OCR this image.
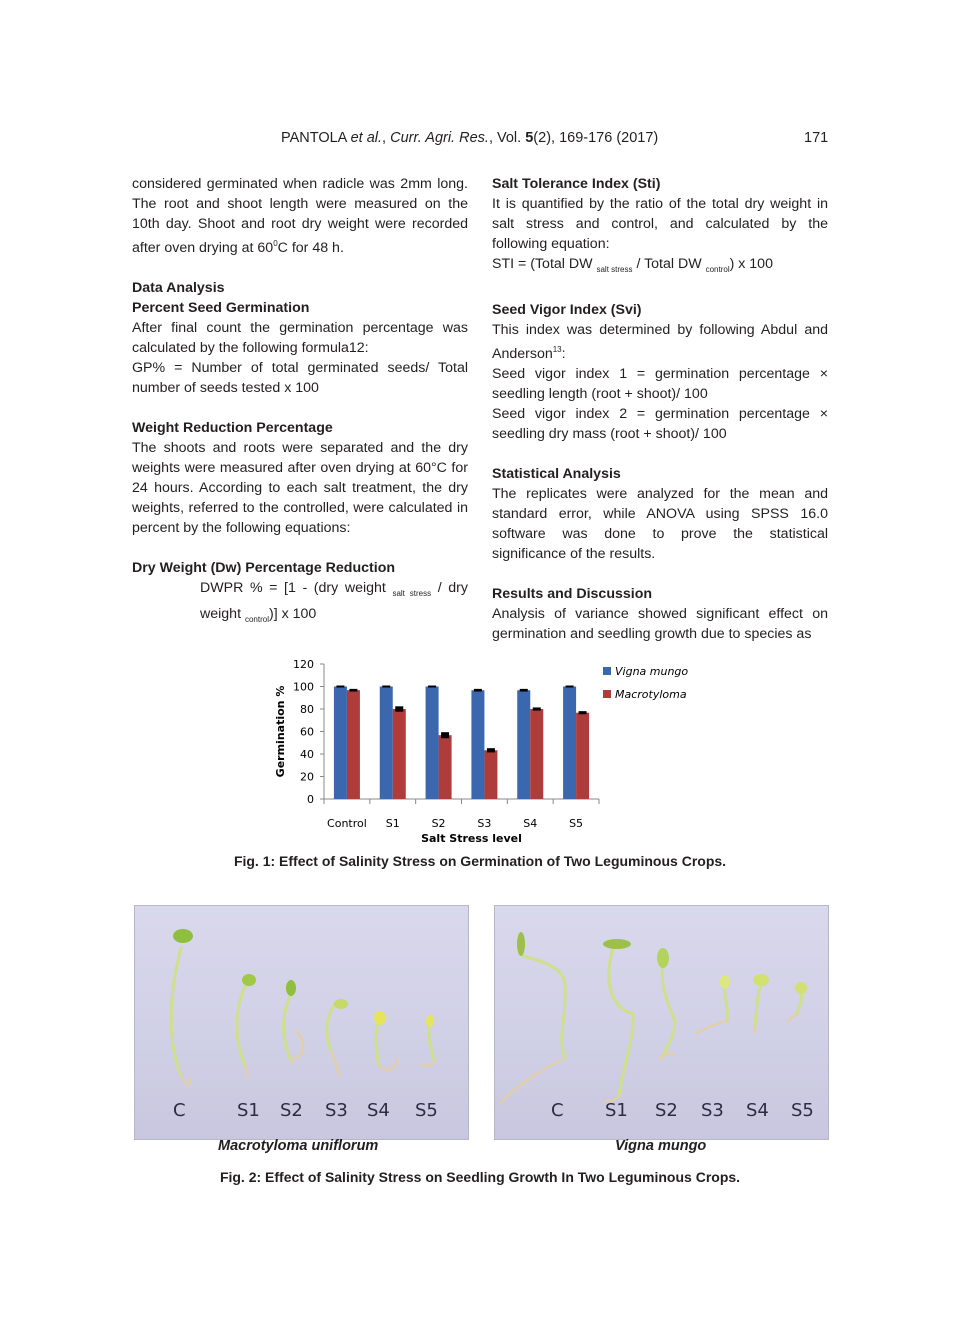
PANTOLA et al., Curr. Agri. Res., Vol. 5(2), 169-176 (2017)	171

considered germinated when radicle was 2mm long. The root and shoot length were measured on the 10th day. Shoot and root dry weight were recorded after oven drying at $60^0C$ for 48 h.

Data Analysis

Percent Seed Germination

After final count the germination percentage was calculated by the following formula12:

GP% = Number of total germinated seeds/ Total number of seeds tested x 100

Weight Reduction Percentage

The shoots and roots were separated and the dry weights were measured after oven drying at 60°C for 24 hours. According to each salt treatment, the dry weights, referred to the controlled, were calculated in percent by the following equations:

Dry Weight (Dw) Percentage Reduction

DWPR % = [1 - (dry weight $_{salt stress}$ / dry weight $_{control}$)] x 100

Salt Tolerance Index (Sti)

It is quantified by the ratio of the total dry weight in salt stress and control, and calculated by the following equation:

STI = (Total DW $_{salt stress}$ / Total DW $_{control}$) x 100

Seed Vigor Index (Svi)

This index was determined by following Abdul and Anderson$^{13}$:

Seed vigor index 1 = germination percentage × seedling length (root + shoot)/ 100

Seed vigor index 2 = germination percentage × seedling dry mass (root + shoot)/ 100

Statistical Analysis

The replicates were analyzed for the mean and standard error, while ANOVA using SPSS 16.0 software was done to prove the statistical significance of the results.

Results and Discussion

Analysis of variance showed significant effect on germination and seedling growth due to species as

0
20
40
60
80
100
120
Control S1	S2	S3	S4	S5
Salt Stress level
Germination %
Vigna mungo
Macrotyloma
Fig. 1: Effect of Salinity Stress on Germination of Two Leguminous Crops.
C	S1 S2 S3 S4 S5	C S1 S2 S3 S4 S5
Macrotyloma uniflorum	Vigna mungo
Fig. 2: Effect of Salinity Stress on Seedling Growth In Two Leguminous Crops.
